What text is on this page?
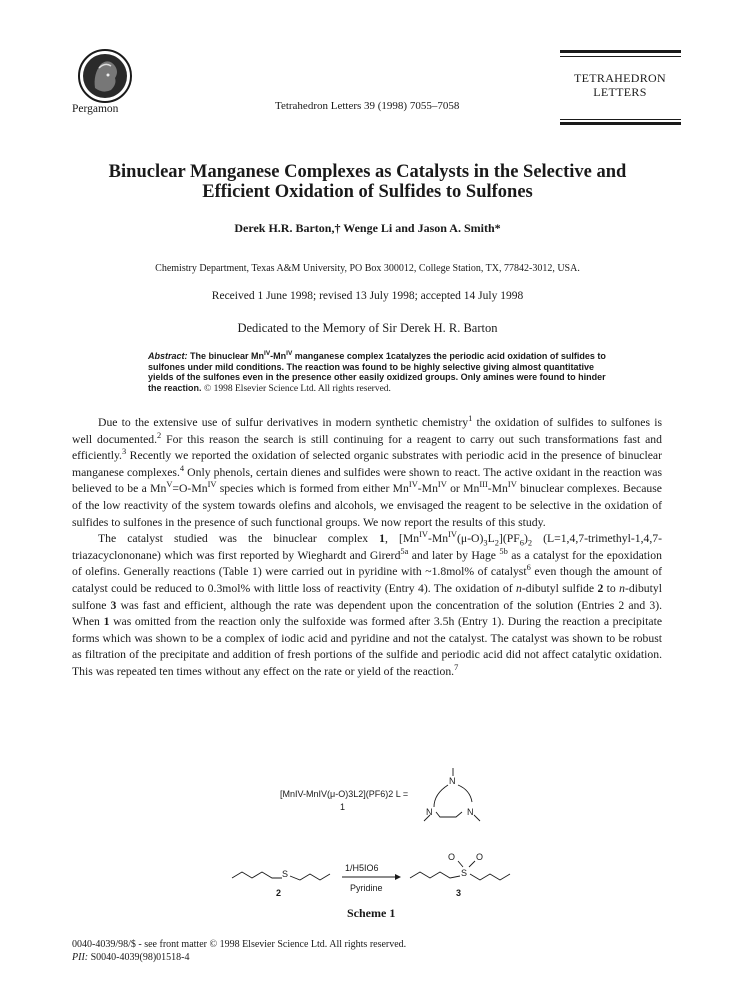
Pergamon	Tetrahedron Letters 39 (1998) 7055–7058
TETRAHEDRON
LETTERS
Binuclear Manganese Complexes as Catalysts in the Selective and
Efficient Oxidation of Sulfides to Sulfones
Derek H.R. Barton,† Wenge Li and Jason A. Smith*
Chemistry Department, Texas A&M University, PO Box 300012, College Station, TX, 77842-3012, USA.
Received 1 June 1998; revised 13 July 1998; accepted 14 July 1998
Dedicated to the Memory of Sir Derek H. R. Barton
Abstract: The binuclear $Mn^{IV}-Mn^{IV}$ manganese complex 1catalyzes the periodic acid oxidation of sulfides to sulfones under mild conditions. The reaction was found to be highly selective giving almost quantitative yields of the sulfones even in the presence other easily oxidized groups. Only amines were found to hinder the reaction. © 1998 Elsevier Science Ltd. All rights reserved.

Due to the extensive use of sulfur derivatives in modern synthetic chemistry$^1$ the oxidation of sulfides to sulfones is well documented.$^2$ For this reason the search is still continuing for a reagent to carry out such transformations fast and efficiently.$^3$ Recently we reported the oxidation of selected organic substrates with periodic acid in the presence of binuclear manganese complexes.$^4$ Only phenols, certain dienes and sulfides were shown to react. The active oxidant in the reaction was believed to be a $Mn^V=O-Mn^{IV}$ species which is formed from either $Mn^{IV}-Mn^{IV}$ or $Mn^{III}-Mn^{IV}$ binuclear complexes. Because of the low reactivity of the system towards olefins and alcohols, we envisaged the reagent to be selective in the oxidation of sulfides to sulfones in the presence of such functional groups. We now report the results of this study.

The catalyst studied was the binuclear complex 1, $[Mn^{IV}-Mn^{IV}(\mu-O)_3L_2](PF_6)_2$ (L=1,4,7-trimethyl-1,4,7-triazacyclononane) which was first reported by Wieghardt and Girerd$^{5a}$ and later by Hage $^{5b}$ as a catalyst for the epoxidation of olefins. Generally reactions (Table 1) were carried out in pyridine with ~1.8mol% of catalyst$^6$ even though the amount of catalyst could be reduced to 0.3mol% with little loss of reactivity (Entry 4). The oxidation of n-dibutyl sulfide 2 to n-dibutyl sulfone 3 was fast and efficient, although the rate was dependent upon the concentration of the solution (Entries 2 and 3). When 1 was omitted from the reaction only the sulfoxide was formed after 3.5h (Entry 1). During the reaction a precipitate forms which was shown to be a complex of iodic acid and pyridine and not the catalyst. The catalyst was shown to be robust as filtration of the precipitate and addition of fresh portions of the sulfide and periodic acid did not affect catalytic oxidation. This was repeated ten times without any effect on the rate or yield of the reaction.$^7$

[MnIV-MnIV(μ-O)3L2](PF6)2 L =
1
N
N	N
S
2
1/H5IO6
Pyridine
S
O O
3
Scheme 1
0040-4039/98/$ - see front matter © 1998 Elsevier Science Ltd. All rights reserved.
PII: S0040-4039(98)01518-4
